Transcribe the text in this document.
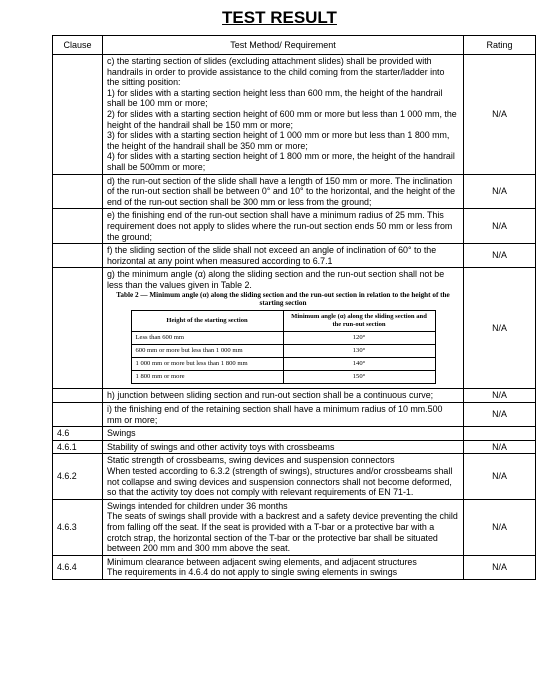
TEST RESULT
Clause	Test Method/ Requirement	Rating
	c) the starting section of slides (excluding attachment slides) shall be provided with handrails in order to provide assistance to the child coming from the starter/ladder into the sitting position:
1) for slides with a starting section height less than 600 mm, the height of the handrail shall be 100 mm or more;
2) for slides with a starting section height of 600 mm or more but less than 1 000 mm, the height of the handrail shall be 150 mm or more;
3) for slides with a starting section height of 1 000 mm or more but less than 1 800 mm, the height of the handrail shall be 350 mm or more;
4) for slides with a starting section height of 1 800 mm or more, the height of the handrail shall be 500mm or more;	N/A
	d) the run-out section of the slide shall have a length of 150 mm or more. The inclination of the run-out section shall be between 0° and 10° to the horizontal, and the height of the end of the run-out section shall be 300 mm or less from the ground;	N/A
	e) the finishing end of the run-out section shall have a minimum radius of 25 mm. This requirement does not apply to slides where the run-out section ends 50 mm or less from the ground;	N/A
	f) the sliding section of the slide shall not exceed an angle of inclination of 60° to the horizontal at any point when measured according to 6.7.1	N/A

g) the minimum angle (α) along the sliding section and the run-out section shall not be less than the values given in Table 2.
Table 2 — Minimum angle (α) along the sliding section and the run-out section in relation to the height of the starting section
Height of the starting section	Minimum angle (α) along the sliding section and the run-out section
Less than 600 mm	120°
600 mm or more but less than 1 000 mm	130°
1 000 mm or more but less than 1 800 mm	140°
1 800 mm or more	150°
	N/A
	h) junction between sliding section and run-out section shall be a continuous curve;	N/A
	i) the finishing end of the retaining section shall have a minimum radius of 10 mm.500 mm or more;	N/A
4.6	Swings	
4.6.1	Stability of swings and other activity toys with crossbeams	N/A
4.6.2	Static strength of crossbeams, swing devices and suspension connectors
When tested according to 6.3.2 (strength of swings), structures and/or crossbeams shall not collapse and swing devices and suspension connectors shall not become deformed, so that the activity toy does not comply with relevant requirements of EN 71-1.	N/A
4.6.3	Swings intended for children under 36 months
The seats of swings shall provide with a backrest and a safety device preventing the child from falling off the seat. If the seat is provided with a T-bar or a protective bar with a crotch strap, the horizontal section of the T-bar or the protective bar shall be situated between 200 mm and 300 mm above the seat.	N/A
4.6.4	Minimum clearance between adjacent swing elements, and adjacent structures
The requirements in 4.6.4 do not apply to single swing elements in swings	N/A
